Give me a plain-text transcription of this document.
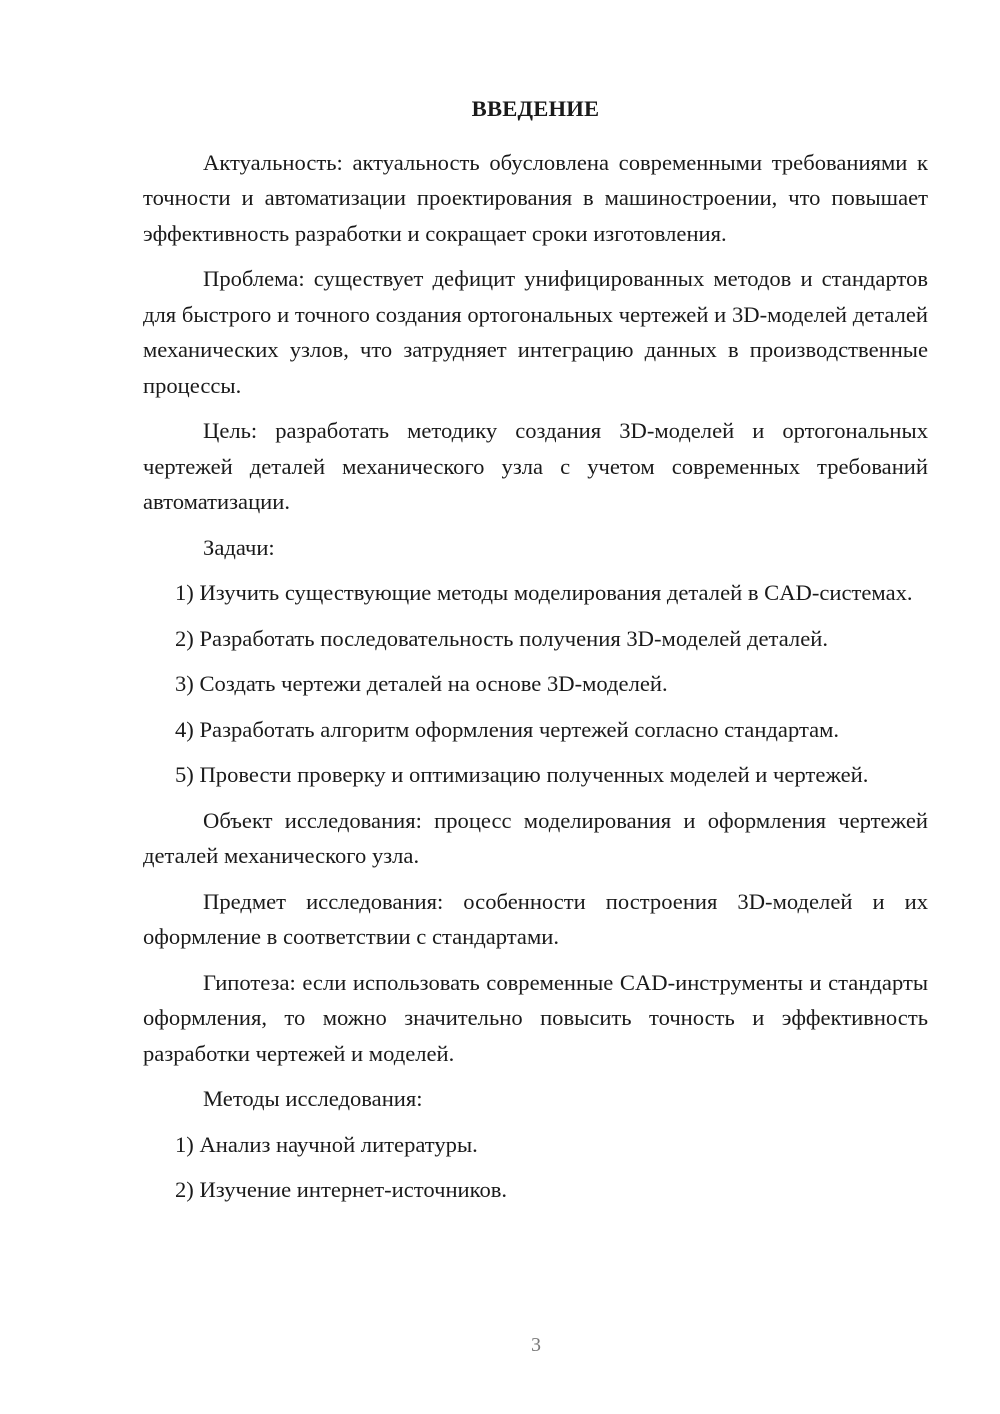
ВВЕДЕНИЕ
Актуальность: актуальность обусловлена современными требованиями к точности и автоматизации проектирования в машиностроении, что повышает эффективность разработки и сокращает сроки изготовления.
Проблема: существует дефицит унифицированных методов и стандартов для быстрого и точного создания ортогональных чертежей и 3D-моделей деталей механических узлов, что затрудняет интеграцию данных в производственные процессы.
Цель: разработать методику создания 3D-моделей и ортогональных чертежей деталей механического узла с учетом современных требований автоматизации.
Задачи:
1) Изучить существующие методы моделирования деталей в CAD-системах.
2) Разработать последовательность получения 3D-моделей деталей.
3) Создать чертежи деталей на основе 3D-моделей.
4) Разработать алгоритм оформления чертежей согласно стандартам.
5) Провести проверку и оптимизацию полученных моделей и чертежей.
Объект исследования: процесс моделирования и оформления чертежей деталей механического узла.
Предмет исследования: особенности построения 3D-моделей и их оформление в соответствии с стандартами.
Гипотеза: если использовать современные CAD-инструменты и стандарты оформления, то можно значительно повысить точность и эффективность разработки чертежей и моделей.
Методы исследования:
1) Анализ научной литературы.
2) Изучение интернет-источников.
3
